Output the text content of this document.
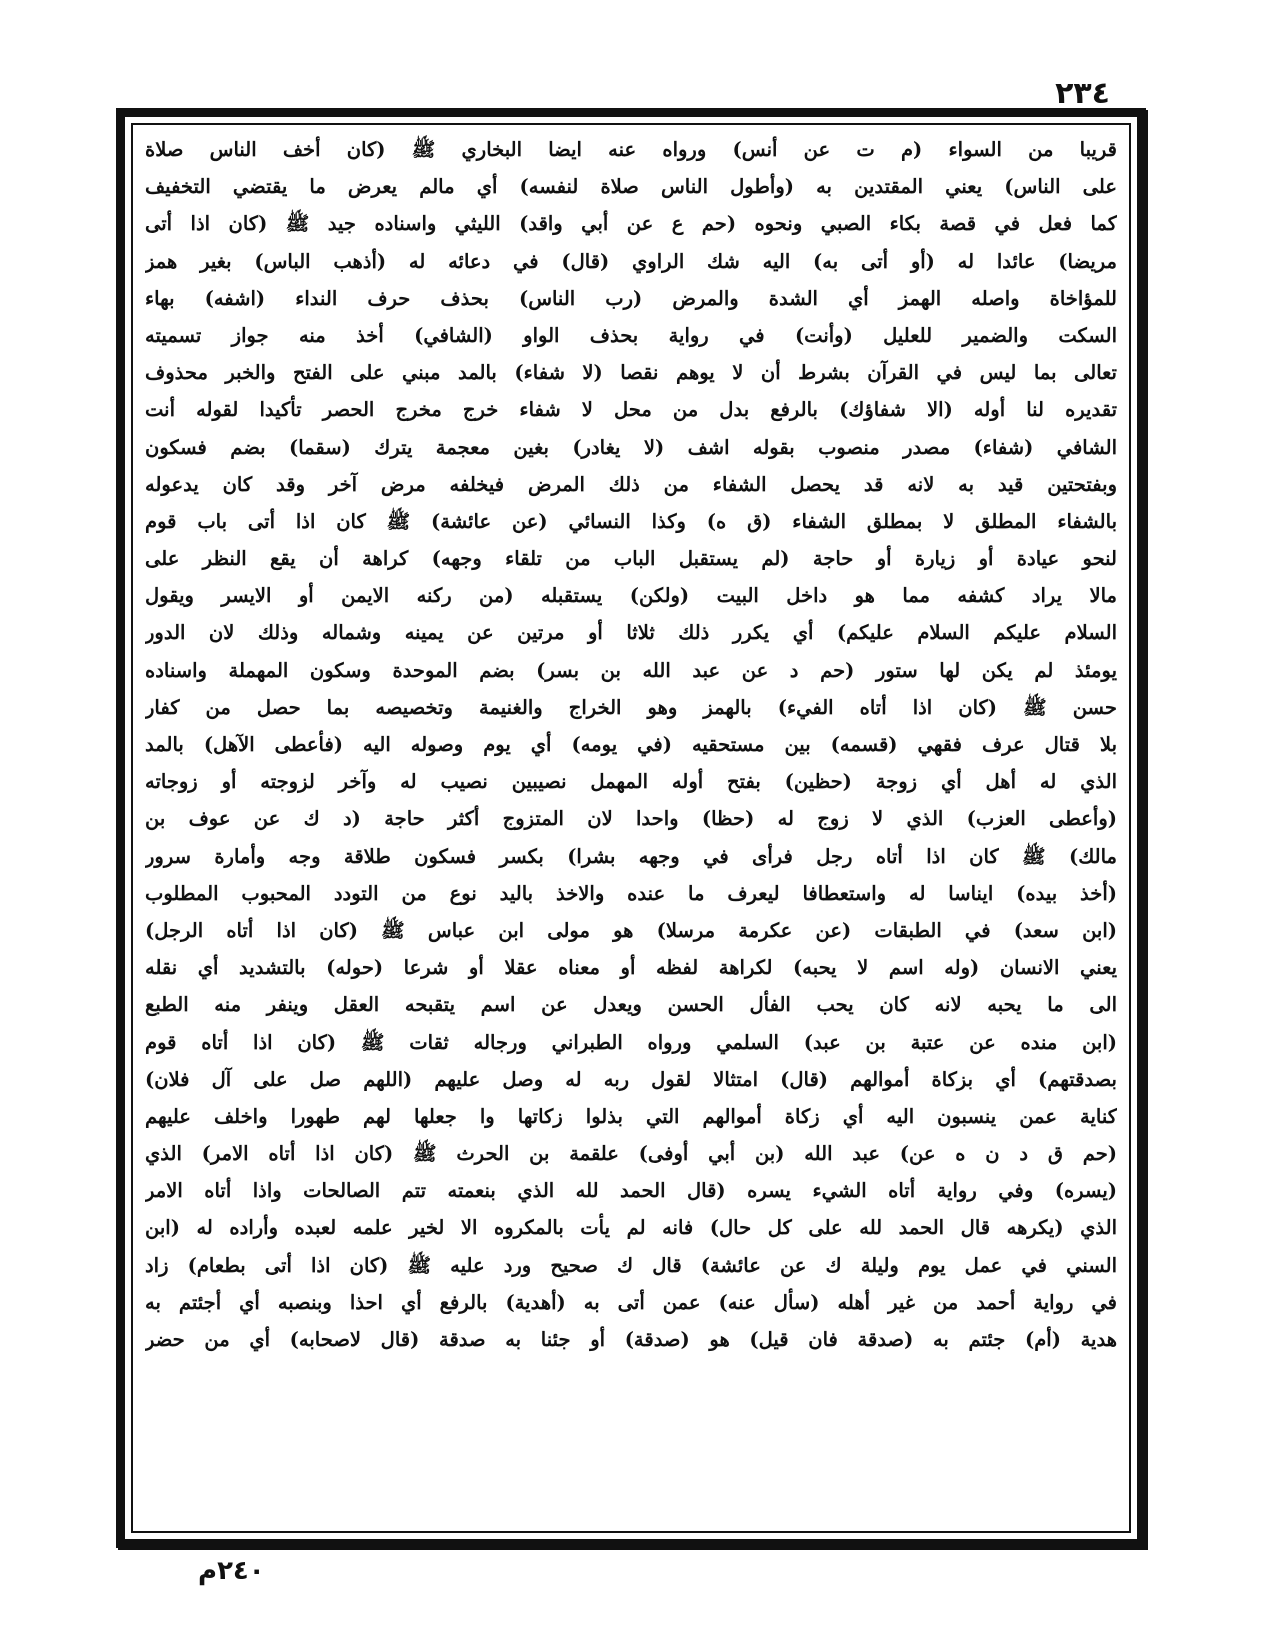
٢٣٤
قريبا من السواء (م ت عن أنس) ورواه عنه ايضا البخاري ﷺ (كان أخف الناس صلاة
على الناس) يعني المقتدين به (وأطول الناس صلاة لنفسه) أي مالم يعرض ما يقتضي التخفيف
كما فعل في قصة بكاء الصبي ونحوه (حم ع عن أبي واقد) الليثي واسناده جيد ﷺ (كان اذا أتى
مريضا) عائدا له (أو أتى به) اليه شك الراوي (قال) في دعائه له (أذهب الباس) بغير همز
للمؤاخاة واصله الهمز أي الشدة والمرض (رب الناس) بحذف حرف النداء (اشفه) بهاء
السكت والضمير للعليل (وأنت) في رواية بحذف الواو (الشافي) أخذ منه جواز تسميته
تعالى بما ليس في القرآن بشرط أن لا يوهم نقصا (لا شفاء) بالمد مبني على الفتح والخبر محذوف
تقديره لنا أوله (الا شفاؤك) بالرفع بدل من محل لا شفاء خرج مخرج الحصر تأكيدا لقوله أنت
الشافي (شفاء) مصدر منصوب بقوله اشف (لا يغادر) بغين معجمة يترك (سقما) بضم فسكون
وبفتحتين قيد به لانه قد يحصل الشفاء من ذلك المرض فيخلفه مرض آخر وقد كان يدعوله
بالشفاء المطلق لا بمطلق الشفاء (ق ه) وكذا النسائي (عن عائشة) ﷺ كان اذا أتى باب قوم
لنحو عيادة أو زيارة أو حاجة (لم يستقبل الباب من تلقاء وجهه) كراهة أن يقع النظر على
مالا يراد كشفه مما هو داخل البيت (ولكن) يستقبله (من ركنه الايمن أو الايسر ويقول
السلام عليكم السلام عليكم) أي يكرر ذلك ثلاثا أو مرتين عن يمينه وشماله وذلك لان الدور
يومئذ لم يكن لها ستور (حم د عن عبد الله بن بسر) بضم الموحدة وسكون المهملة واسناده
حسن ﷺ (كان اذا أتاه الفيء) بالهمز وهو الخراج والغنيمة وتخصيصه بما حصل من كفار
بلا قتال عرف فقهي (قسمه) بين مستحقيه (في يومه) أي يوم وصوله اليه (فأعطى الآهل) بالمد
الذي له أهل أي زوجة (حظين) بفتح أوله المهمل نصيبين نصيب له وآخر لزوجته أو زوجاته
(وأعطى العزب) الذي لا زوج له (حظا) واحدا لان المتزوج أكثر حاجة (د ك عن عوف بن
مالك) ﷺ كان اذا أتاه رجل فرأى في وجهه بشرا) بكسر فسكون طلاقة وجه وأمارة سرور
(أخذ بيده) ايناسا له واستعطافا ليعرف ما عنده والاخذ باليد نوع من التودد المحبوب المطلوب
(ابن سعد) في الطبقات (عن عكرمة مرسلا) هو مولى ابن عباس ﷺ (كان اذا أتاه الرجل)
يعني الانسان (وله اسم لا يحبه) لكراهة لفظه أو معناه عقلا أو شرعا (حوله) بالتشديد أي نقله
الى ما يحبه لانه كان يحب الفأل الحسن ويعدل عن اسم يتقبحه العقل وينفر منه الطبع
(ابن منده عن عتبة بن عبد) السلمي ورواه الطبراني ورجاله ثقات ﷺ (كان اذا أتاه قوم
بصدقتهم) أي بزكاة أموالهم (قال) امتثالا لقول ربه له وصل عليهم (اللهم صل على آل فلان)
كناية عمن ينسبون اليه أي زكاة أموالهم التي بذلوا زكاتها وا جعلها لهم طهورا واخلف عليهم
(حم ق د ن ه عن) عبد الله (بن أبي أوفى) علقمة بن الحرث ﷺ (كان اذا أتاه الامر) الذي
(يسره) وفي رواية أتاه الشيء يسره (قال الحمد لله الذي بنعمته تتم الصالحات واذا أتاه الامر
الذي (يكرهه قال الحمد لله على كل حال) فانه لم يأت بالمكروه الا لخير علمه لعبده وأراده له (ابن
السني في عمل يوم وليلة ك عن عائشة) قال ك صحيح ورد عليه ﷺ (كان اذا أتى بطعام) زاد
في رواية أحمد من غير أهله (سأل عنه) عمن أتى به (أهدية) بالرفع أي احذا وبنصبه أي أجئتم به
هدية (أم) جئتم به (صدقة فان قيل) هو (صدقة) أو جئنا به صدقة (قال لاصحابه) أي من حضر
٢٤٠م
